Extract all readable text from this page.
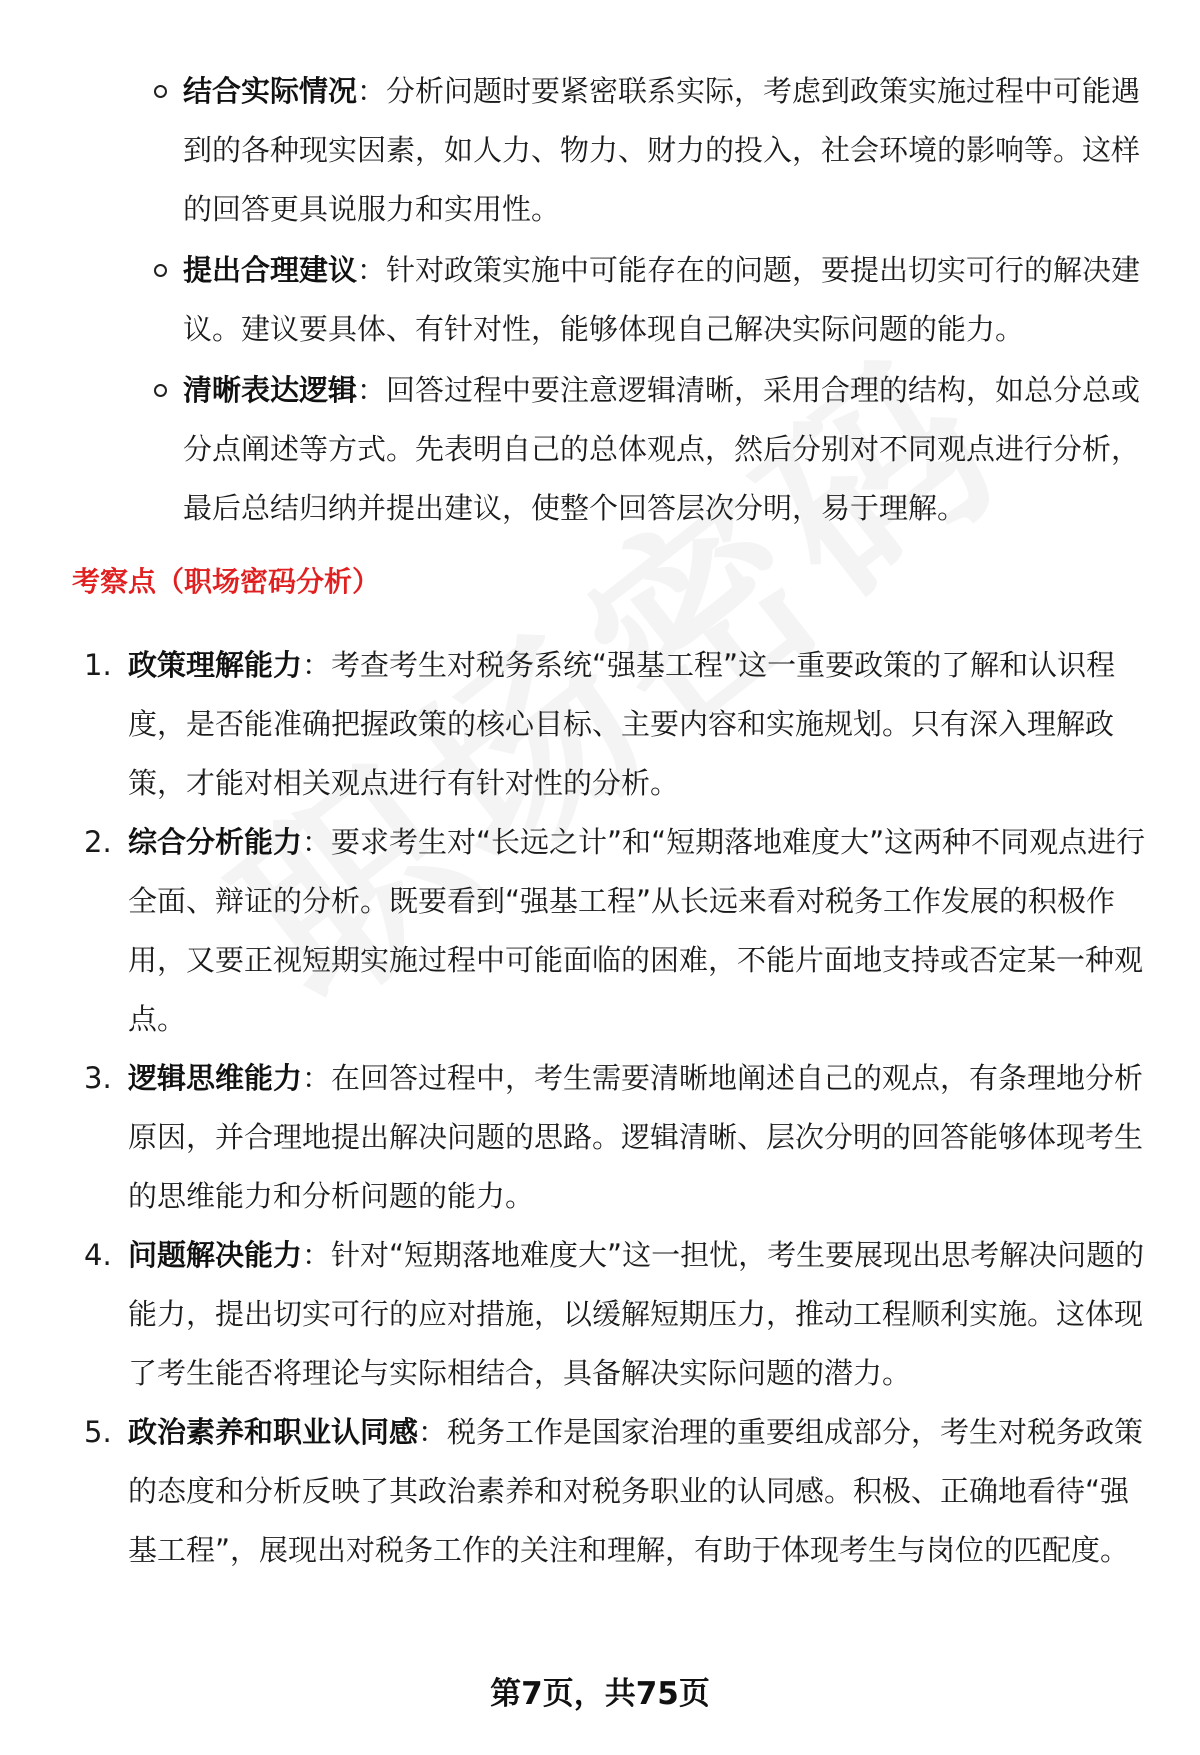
结合实际情况：分析问题时要紧密联系实际，考虑到政策实施过程中可能遇到的各种现实因素，如人力、物力、财力的投入，社会环境的影响等。这样的回答更具说服力和实用性。
提出合理建议：针对政策实施中可能存在的问题，要提出切实可行的解决建议。建议要具体、有针对性，能够体现自己解决实际问题的能力。
清晰表达逻辑：回答过程中要注意逻辑清晰，采用合理的结构，如总分总或分点阐述等方式。先表明自己的总体观点，然后分别对不同观点进行分析，最后总结归纳并提出建议，使整个回答层次分明，易于理解。
考察点（职场密码分析）
1. 政策理解能力：考查考生对税务系统“强基工程”这一重要政策的了解和认识程度，是否能准确把握政策的核心目标、主要内容和实施规划。只有深入理解政策，才能对相关观点进行有针对性的分析。
2. 综合分析能力：要求考生对“长远之计”和“短期落地难度大”这两种不同观点进行全面、辩证的分析。既要看到“强基工程”从长远来看对税务工作发展的积极作用，又要正视短期实施过程中可能面临的困难，不能片面地支持或否定某一种观点。
3. 逻辑思维能力：在回答过程中，考生需要清晰地阐述自己的观点，有条理地分析原因，并合理地提出解决问题的思路。逻辑清晰、层次分明的回答能够体现考生的思维能力和分析问题的能力。
4. 问题解决能力：针对“短期落地难度大”这一担忧，考生要展现出思考解决问题的能力，提出切实可行的应对措施，以缓解短期压力，推动工程顺利实施。这体现了考生能否将理论与实际相结合，具备解决实际问题的潜力。
5. 政治素养和职业认同感：税务工作是国家治理的重要组成部分，考生对税务政策的态度和分析反映了其政治素养和对税务职业的认同感。积极、正确地看待“强基工程”，展现出对税务工作的关注和理解，有助于体现考生与岗位的匹配度。
第7页，共75页
